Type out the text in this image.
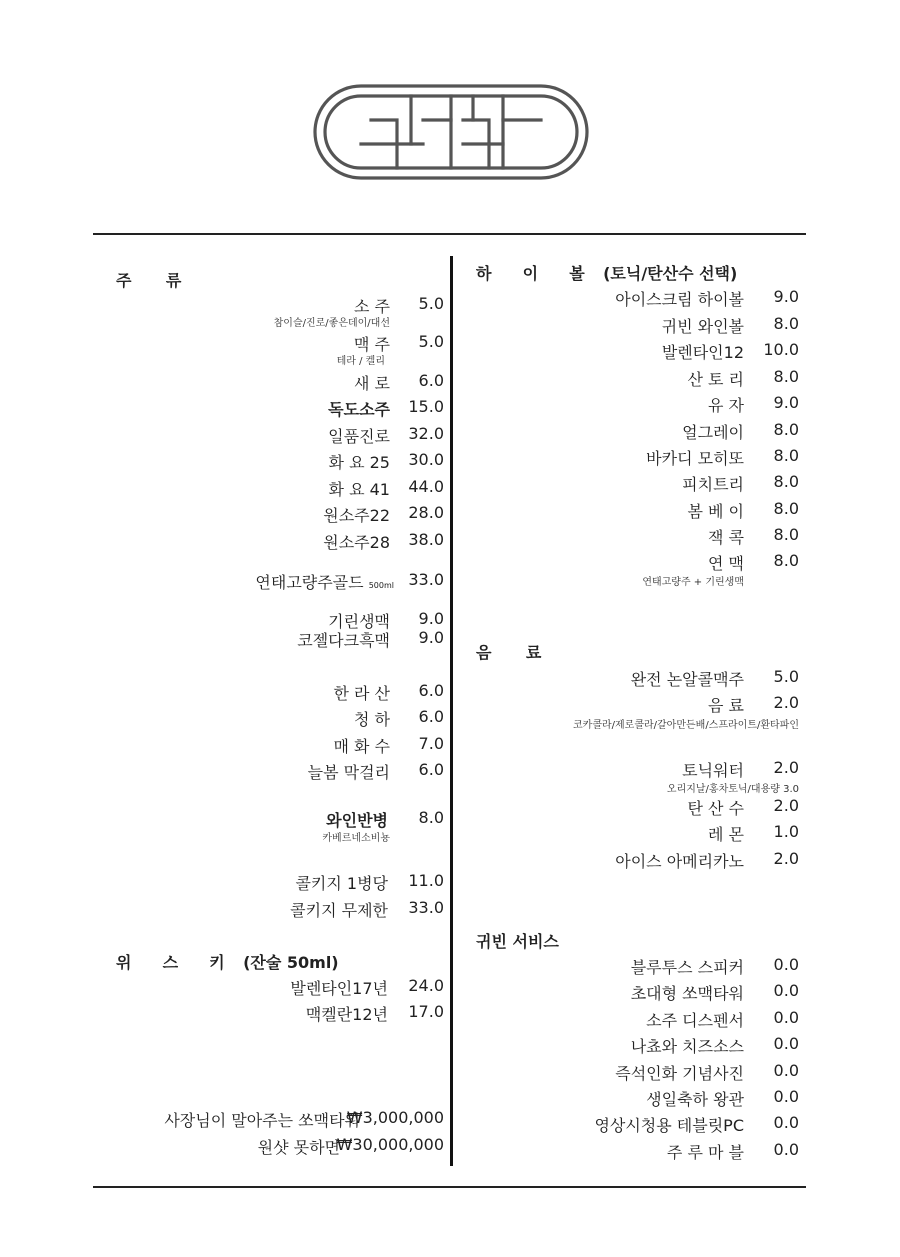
주 류
소 주 5.0
참이슬/진로/좋은데이/대선
맥 주 5.0
테라 / 켈리
새 로 6.0
독도소주 15.0
일품진로 32.0
화 요 25 30.0
화 요 41 44.0
원소주22 28.0
원소주28 38.0
연태고량주골드 500ml 33.0
기린생맥 9.0
코젤다크흑맥 9.0
한 라 산 6.0
청 하 6.0
매 화 수 7.0
늘봄 막걸리 6.0
와인반병 8.0
카베르네소비뇽
콜키지 1병당 11.0
콜키지 무제한 33.0
위 스 키 (잔술 50ml)
발렌타인17년 24.0
맥켈란12년 17.0
사장님이 말아주는 쏘맥타워
₩3,000,000
원샷 못하면
₩30,000,000
하 이 볼 (토닉/탄산수 선택)
아이스크림 하이볼 9.0
귀빈 와인볼 8.0
발렌타인12 10.0
산 토 리 8.0
유 자 9.0
얼그레이 8.0
바카디 모히또 8.0
피치트리 8.0
봄 베 이 8.0
잭 콕 8.0
연 맥 8.0
연태고량주 + 기린생맥
음 료
완전 논알콜맥주 5.0
음 료 2.0
코카콜라/제로콜라/갈아만든배/스프라이트/환타파인
토닉워터 2.0
오리지날/홍차토닉/대용량 3.0
탄 산 수 2.0
레 몬 1.0
아이스 아메리카노 2.0
귀빈 서비스
블루투스 스피커 0.0
초대형 쏘맥타워 0.0
소주 디스펜서 0.0
나쵸와 치즈소스 0.0
즉석인화 기념사진 0.0
생일축하 왕관 0.0
영상시청용 테블릿PC 0.0
주 루 마 블 0.0
